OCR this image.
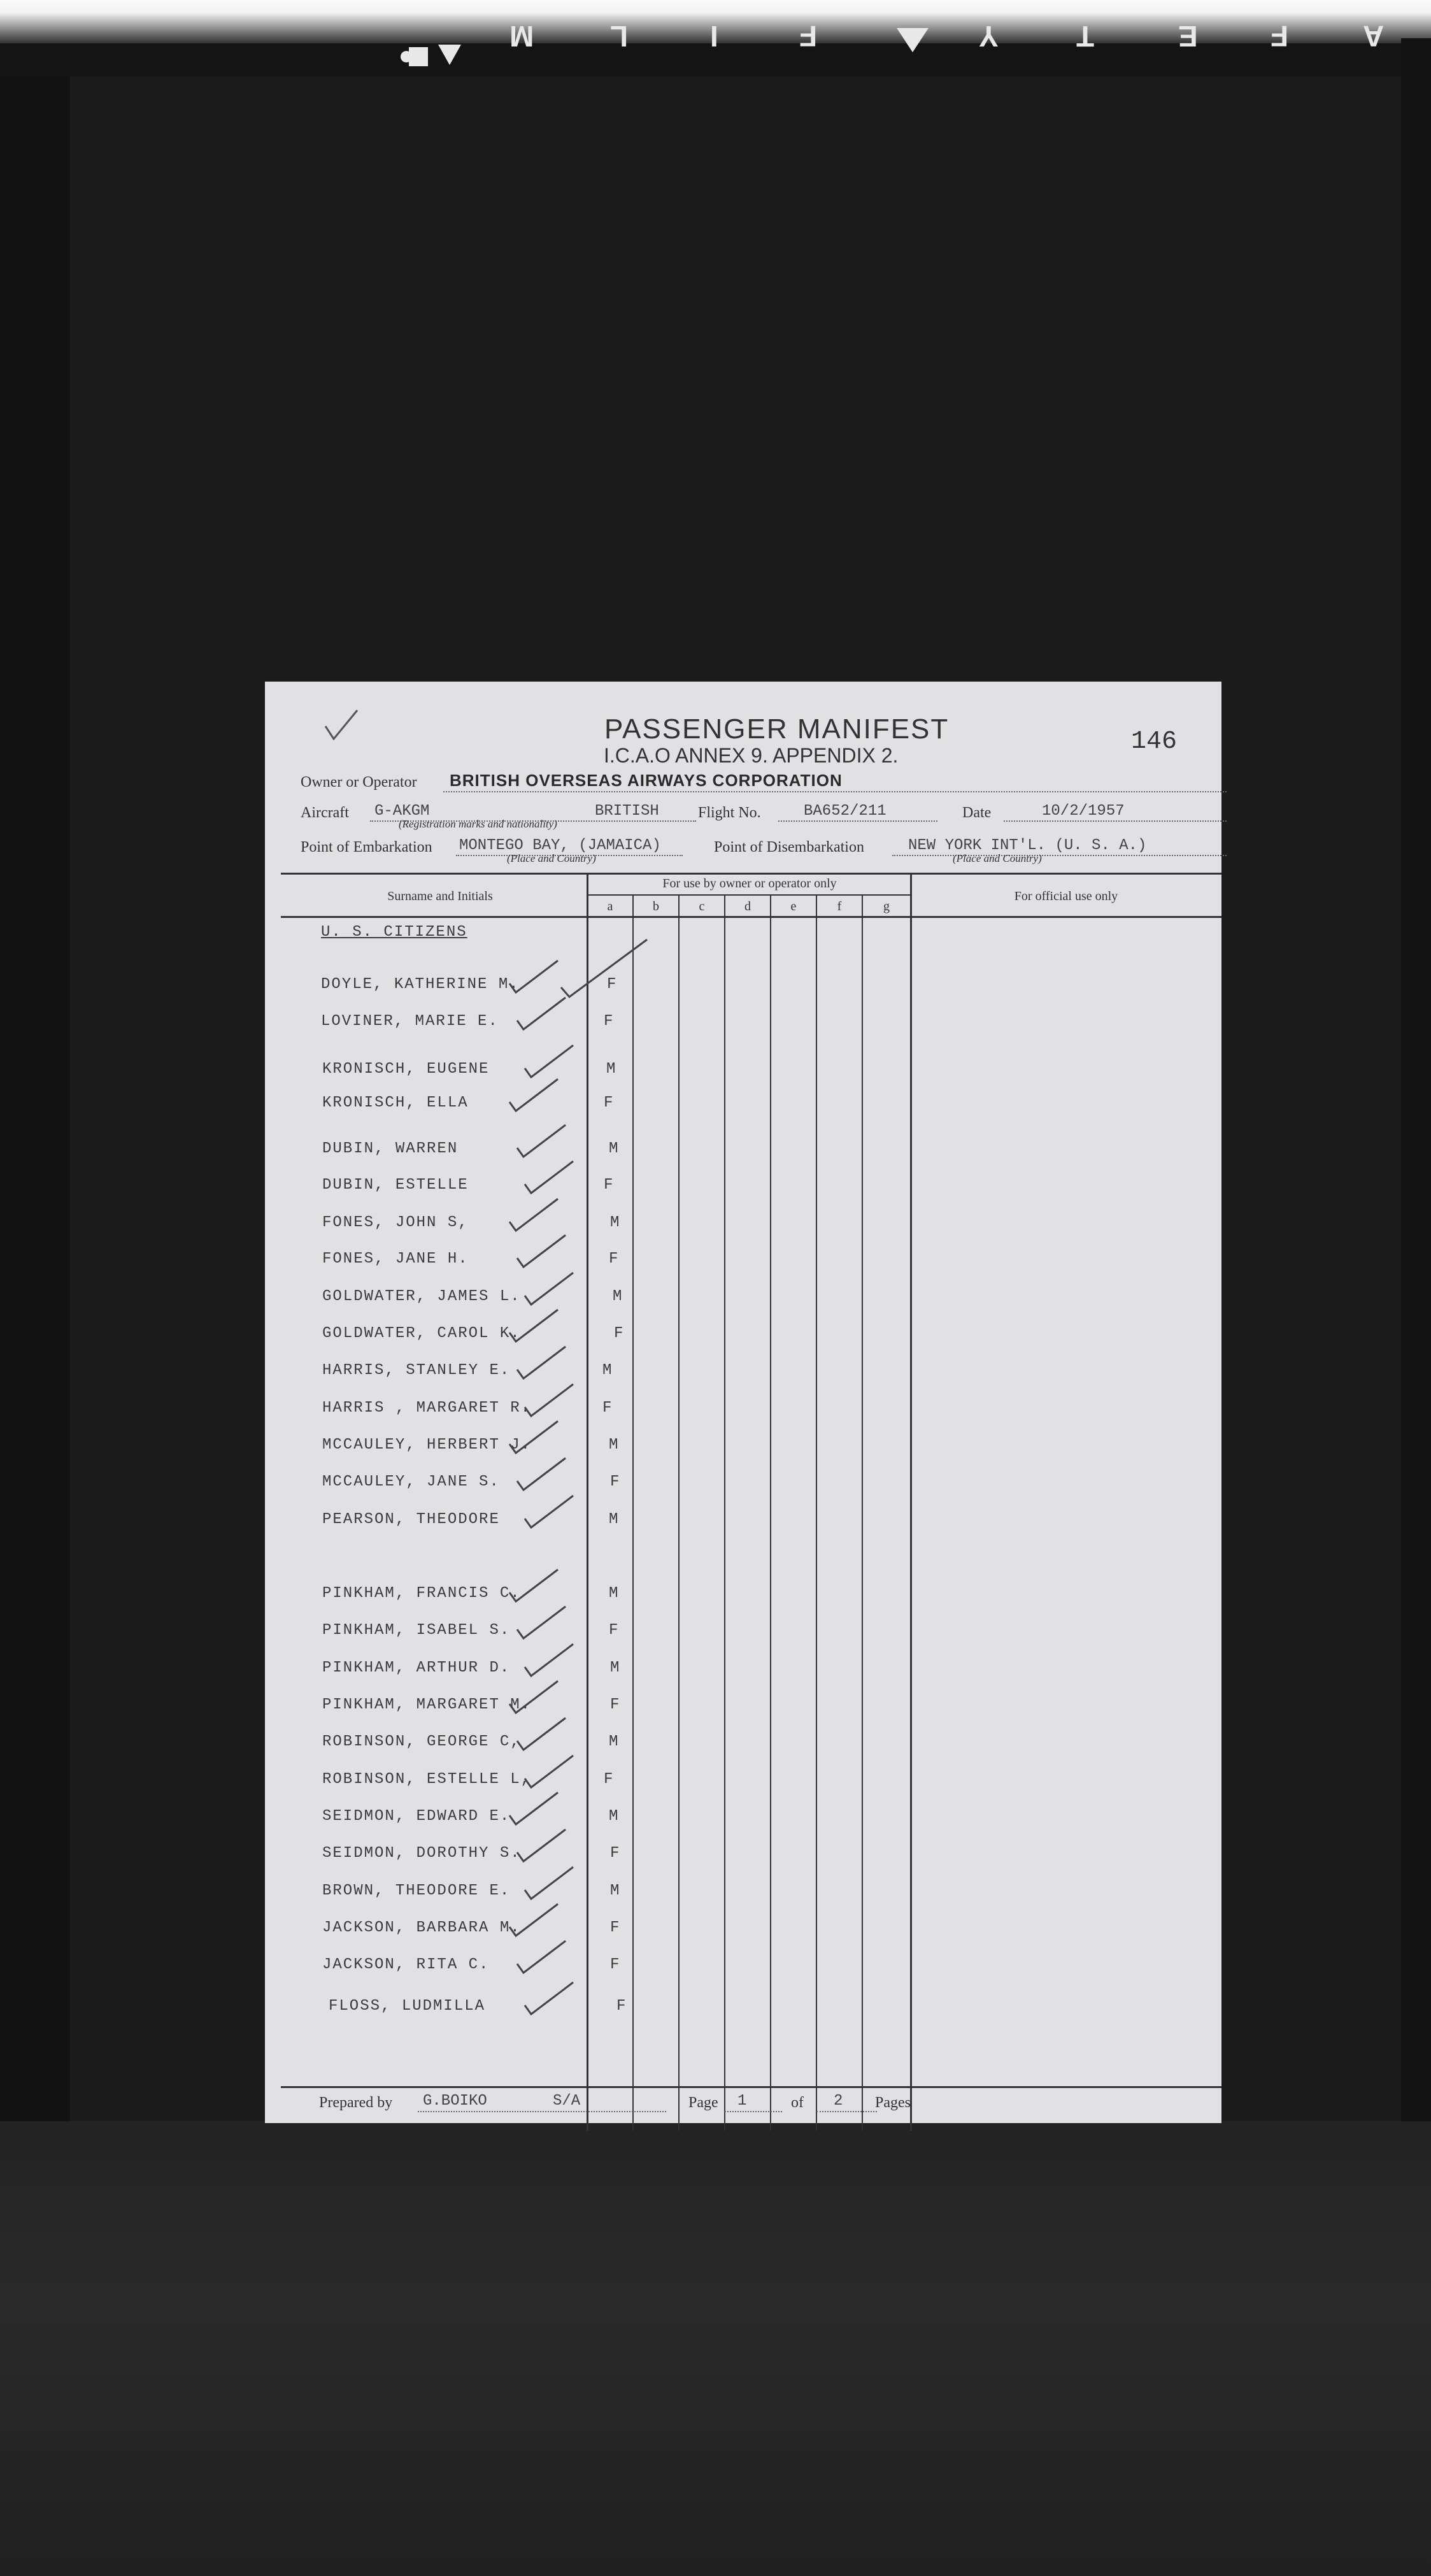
A
F
E
T
Y
F
I
L
M
PASSENGER MANIFEST
I.C.A.O ANNEX 9. APPENDIX 2.	146
Owner or Operator BRITISH OVERSEAS AIRWAYS CORPORATION
Aircraft G-AKGM	BRITISH
(Registration marks and nationality)
Flight No.	BA652/211	Date	10/2/1957
Point of Embarkation MONTEGO BAY, (JAMAICA)
(Place and Country)
Point of Disembarkation	NEW YORK INT'L. (U. S. A.)
(Place and Country)
Surname and Initials
For use by owner or operator only
For official use only
a	b	c	d	e	f	g
U. S. CITIZENS
DOYLE, KATHERINE M.	F
LOVINER, MARIE E.	F
KRONISCH, EUGENE	M
KRONISCH, ELLA	F
DUBIN, WARREN	M
DUBIN, ESTELLE	F
FONES, JOHN S,	M
FONES, JANE H.	F
GOLDWATER, JAMES L.	M
GOLDWATER, CAROL K.	F
HARRIS, STANLEY E.	M
HARRIS , MARGARET R.	F
MCCAULEY, HERBERT J.	M
MCCAULEY, JANE S.	F
PEARSON, THEODORE	M
PINKHAM, FRANCIS C.	M
PINKHAM, ISABEL S.	F
PINKHAM, ARTHUR D.	M
PINKHAM, MARGARET M.	F
ROBINSON, GEORGE C,	M
ROBINSON, ESTELLE L,	F
SEIDMON, EDWARD E.	M
SEIDMON, DOROTHY S.	F
BROWN, THEODORE E.	M
JACKSON, BARBARA M.	F
JACKSON, RITA C.	F
FLOSS, LUDMILLA	F
Prepared by G.BOIKO	S/A	Page 1	of 2 Pages
